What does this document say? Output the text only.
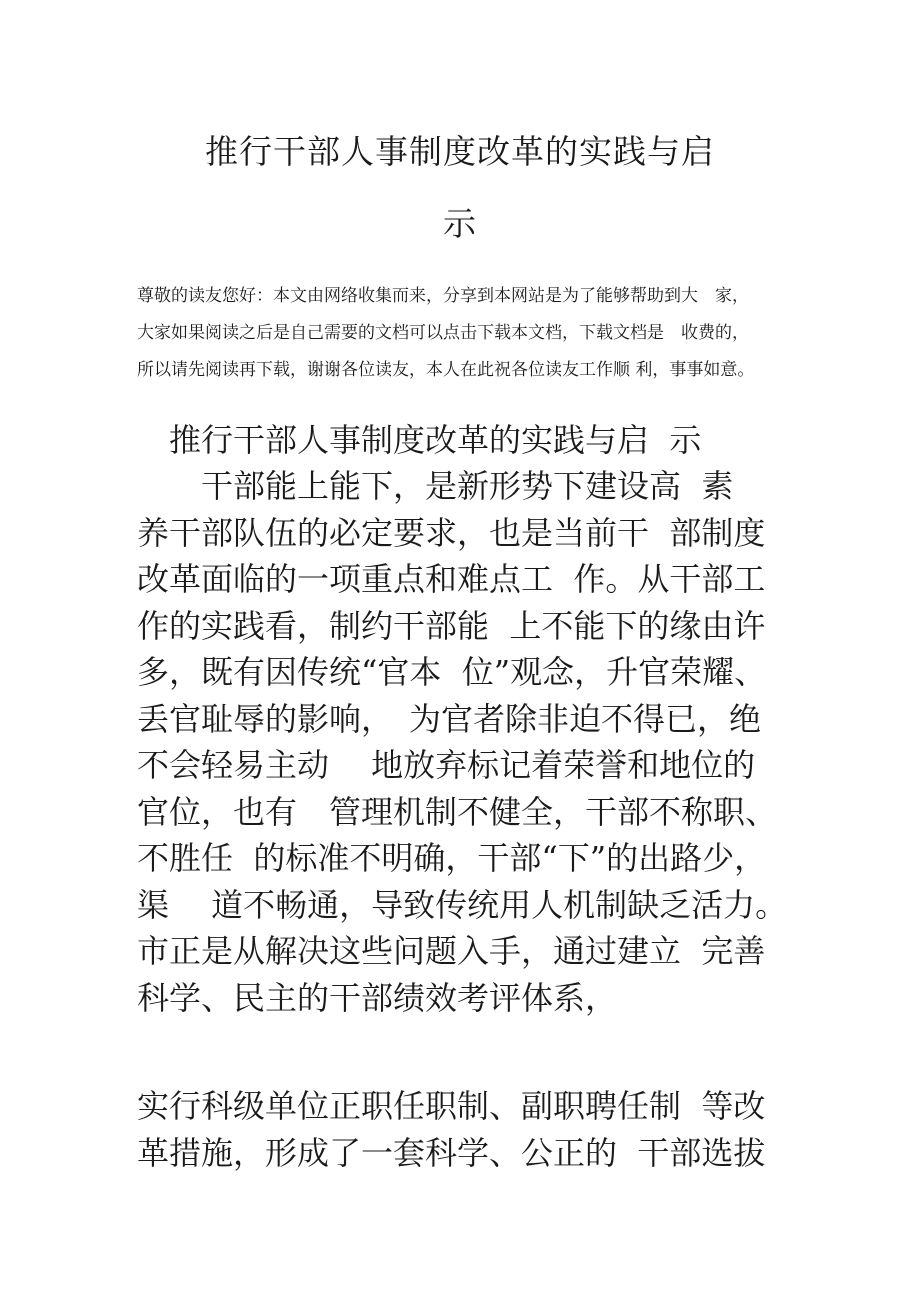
推行干部人事制度改革的实践与启
示
尊敬的读友您好：本文由网络收集而来，分享到本网站是为了能够帮助到大　家，
大家如果阅读之后是自己需要的文档可以点击下载本文档，下载文档是　收费的，
所以请先阅读再下载，谢谢各位读友，本人在此祝各位读友工作顺 利，事事如意。
　推行干部人事制度改革的实践与启  示
　　干部能上能下，是新形势下建设高  素
养干部队伍的必定要求，也是当前干  部制度
改革面临的一项重点和难点工  作。从干部工
作的实践看，制约干部能  上不能下的缘由许
多，既有因传统“官本  位”观念，升官荣耀、
丢官耻辱的影响，　为官者除非迫不得已，绝
不会轻易主动　 地放弃标记着荣誉和地位的
官位，也有　管理机制不健全，干部不称职、
不胜任  的标准不明确，干部“下”的出路少，
渠　 道不畅通，导致传统用人机制缺乏活力。
市正是从解决这些问题入手，通过建立  完善
科学、民主的干部绩效考评体系，
实行科级单位正职任职制、副职聘任制  等改
革措施，形成了一套科学、公正的  干部选拔
